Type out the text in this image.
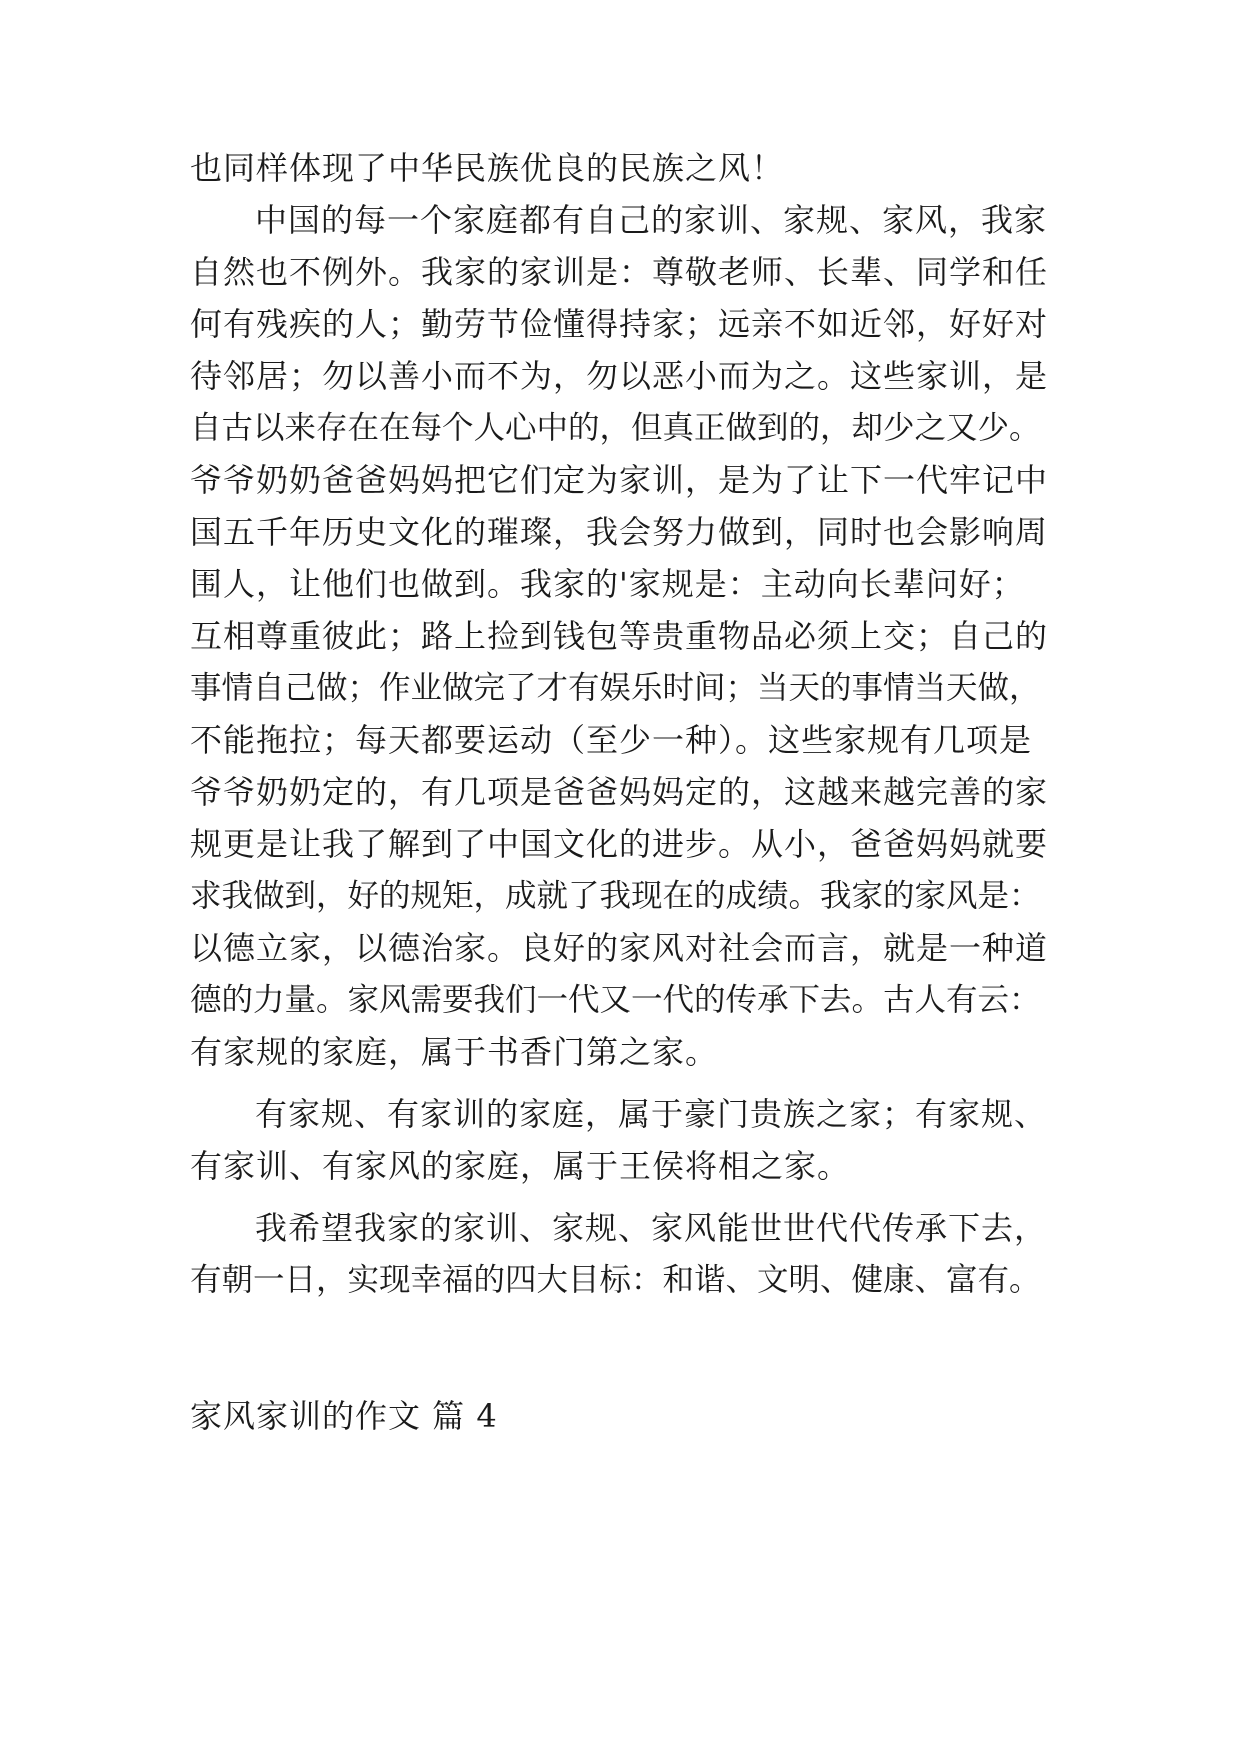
也同样体现了中华民族优良的民族之风！
中国的每一个家庭都有自己的家训、家规、家风，我家
自然也不例外。我家的家训是：尊敬老师、长辈、同学和任
何有残疾的人；勤劳节俭懂得持家；远亲不如近邻，好好对
待邻居；勿以善小而不为，勿以恶小而为之。这些家训，是
自古以来存在在每个人心中的，但真正做到的，却少之又少。
爷爷奶奶爸爸妈妈把它们定为家训，是为了让下一代牢记中
国五千年历史文化的璀璨，我会努力做到，同时也会影响周
围人，让他们也做到。我家的'家规是：主动向长辈问好；
互相尊重彼此；路上捡到钱包等贵重物品必须上交；自己的
事情自己做；作业做完了才有娱乐时间；当天的事情当天做，
不能拖拉；每天都要运动（至少一种）。这些家规有几项是
爷爷奶奶定的，有几项是爸爸妈妈定的，这越来越完善的家
规更是让我了解到了中国文化的进步。从小，爸爸妈妈就要
求我做到，好的规矩，成就了我现在的成绩。我家的家风是：
以德立家，以德治家。良好的家风对社会而言，就是一种道
德的力量。家风需要我们一代又一代的传承下去。古人有云：
有家规的家庭，属于书香门第之家。
有家规、有家训的家庭，属于豪门贵族之家；有家规、
有家训、有家风的家庭，属于王侯将相之家。
我希望我家的家训、家规、家风能世世代代传承下去，
有朝一日，实现幸福的四大目标：和谐、文明、健康、富有。
家风家训的作文 篇 4
